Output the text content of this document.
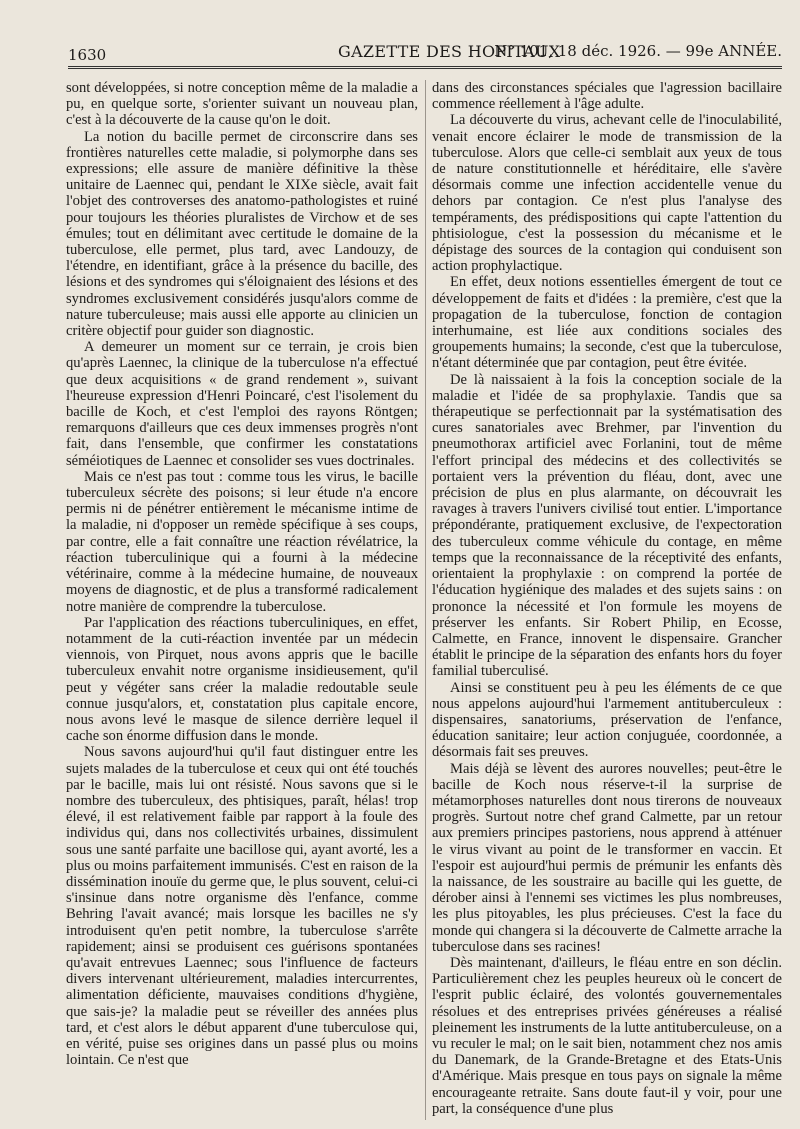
1630	GAZETTE DES HOPITAUX
N° 101, 18 déc. 1926. — 99e ANNÉE.

sont développées, si notre conception même de la maladie a pu, en quelque sorte, s'orienter suivant un nouveau plan, c'est à la découverte de la cause qu'on le doit.

La notion du bacille permet de circonscrire dans ses frontières naturelles cette maladie, si polymorphe dans ses expressions; elle assure de manière définitive la thèse unitaire de Laennec qui, pendant le XIXe siècle, avait fait l'objet des controverses des anatomo-pathologistes et ruiné pour toujours les théories pluralistes de Virchow et de ses émules; tout en délimitant avec certitude le domaine de la tuberculose, elle permet, plus tard, avec Landouzy, de l'étendre, en identifiant, grâce à la présence du bacille, des lésions et des syndromes qui s'éloignaient des lésions et des syndromes exclusivement considérés jusqu'alors comme de nature tuberculeuse; mais aussi elle apporte au clinicien un critère objectif pour guider son diagnostic.

A demeurer un moment sur ce terrain, je crois bien qu'après Laennec, la clinique de la tuberculose n'a effectué que deux acquisitions « de grand rendement », suivant l'heureuse expression d'Henri Poincaré, c'est l'isolement du bacille de Koch, et c'est l'emploi des rayons Röntgen; remarquons d'ailleurs que ces deux immenses progrès n'ont fait, dans l'ensemble, que confirmer les constatations séméiotiques de Laennec et consolider ses vues doctrinales.

Mais ce n'est pas tout : comme tous les virus, le bacille tuberculeux sécrète des poisons; si leur étude n'a encore permis ni de pénétrer entièrement le mécanisme intime de la maladie, ni d'opposer un remède spécifique à ses coups, par contre, elle a fait connaître une réaction révélatrice, la réaction tuberculinique qui a fourni à la médecine vétérinaire, comme à la médecine humaine, de nouveaux moyens de diagnostic, et de plus a transformé radicalement notre manière de comprendre la tuberculose.

Par l'application des réactions tuberculiniques, en effet, notamment de la cuti-réaction inventée par un médecin viennois, von Pirquet, nous avons appris que le bacille tuberculeux envahit notre organisme insidieusement, qu'il peut y végéter sans créer la maladie redoutable seule connue jusqu'alors, et, constatation plus capitale encore, nous avons levé le masque de silence derrière lequel il cache son énorme diffusion dans le monde.

Nous savons aujourd'hui qu'il faut distinguer entre les sujets malades de la tuberculose et ceux qui ont été touchés par le bacille, mais lui ont résisté. Nous savons que si le nombre des tuberculeux, des phtisiques, paraît, hélas! trop élevé, il est relativement faible par rapport à la foule des individus qui, dans nos collectivités urbaines, dissimulent sous une santé parfaite une bacillose qui, ayant avorté, les a plus ou moins parfaitement immunisés. C'est en raison de la dissémination inouïe du germe que, le plus souvent, celui-ci s'insinue dans notre organisme dès l'enfance, comme Behring l'avait avancé; mais lorsque les bacilles ne s'y introduisent qu'en petit nombre, la tuberculose s'arrête rapidement; ainsi se produisent ces guérisons spontanées qu'avait entrevues Laennec; sous l'influence de facteurs divers intervenant ultérieurement, maladies intercurrentes, alimentation déficiente, mauvaises conditions d'hygiène, que sais-je? la maladie peut se réveiller des années plus tard, et c'est alors le début apparent d'une tuberculose qui, en vérité, puise ses origines dans un passé plus ou moins lointain. Ce n'est que

dans des circonstances spéciales que l'agression bacillaire commence réellement à l'âge adulte.

La découverte du virus, achevant celle de l'inoculabilité, venait encore éclairer le mode de transmission de la tuberculose. Alors que celle-ci semblait aux yeux de tous de nature constitutionnelle et héréditaire, elle s'avère désormais comme une infection accidentelle venue du dehors par contagion. Ce n'est plus l'analyse des tempéraments, des prédispositions qui capte l'attention du phtisiologue, c'est la possession du mécanisme et le dépistage des sources de la contagion qui conduisent son action prophylactique.

En effet, deux notions essentielles émergent de tout ce développement de faits et d'idées : la première, c'est que la propagation de la tuberculose, fonction de contagion interhumaine, est liée aux conditions sociales des groupements humains; la seconde, c'est que la tuberculose, n'étant déterminée que par contagion, peut être évitée.

De là naissaient à la fois la conception sociale de la maladie et l'idée de sa prophylaxie. Tandis que sa thérapeutique se perfectionnait par la systématisation des cures sanatoriales avec Brehmer, par l'invention du pneumothorax artificiel avec Forlanini, tout de même l'effort principal des médecins et des collectivités se portaient vers la prévention du fléau, dont, avec une précision de plus en plus alarmante, on découvrait les ravages à travers l'univers civilisé tout entier. L'importance prépondérante, pratiquement exclusive, de l'expectoration des tuberculeux comme véhicule du contage, en même temps que la reconnaissance de la réceptivité des enfants, orientaient la prophylaxie : on comprend la portée de l'éducation hygiénique des malades et des sujets sains : on prononce la nécessité et l'on formule les moyens de préserver les enfants. Sir Robert Philip, en Ecosse, Calmette, en France, innovent le dispensaire. Grancher établit le principe de la séparation des enfants hors du foyer familial tuberculisé.

Ainsi se constituent peu à peu les éléments de ce que nous appelons aujourd'hui l'armement antituberculeux : dispensaires, sanatoriums, préservation de l'enfance, éducation sanitaire; leur action conjuguée, coordonnée, a désormais fait ses preuves.

Mais déjà se lèvent des aurores nouvelles; peut-être le bacille de Koch nous réserve-t-il la surprise de métamorphoses naturelles dont nous tirerons de nouveaux progrès. Surtout notre chef grand Calmette, par un retour aux premiers principes pastoriens, nous apprend à atténuer le virus vivant au point de le transformer en vaccin. Et l'espoir est aujourd'hui permis de prémunir les enfants dès la naissance, de les soustraire au bacille qui les guette, de dérober ainsi à l'ennemi ses victimes les plus nombreuses, les plus pitoyables, les plus précieuses. C'est la face du monde qui changera si la découverte de Calmette arrache la tuberculose dans ses racines!

Dès maintenant, d'ailleurs, le fléau entre en son déclin. Particulièrement chez les peuples heureux où le concert de l'esprit public éclairé, des volontés gouvernementales résolues et des entreprises privées généreuses a réalisé pleinement les instruments de la lutte antituberculeuse, on a vu reculer le mal; on le sait bien, notamment chez nos amis du Danemark, de la Grande-Bretagne et des Etats-Unis d'Amérique. Mais presque en tous pays on signale la même encourageante retraite. Sans doute faut-il y voir, pour une part, la conséquence d'une plus
